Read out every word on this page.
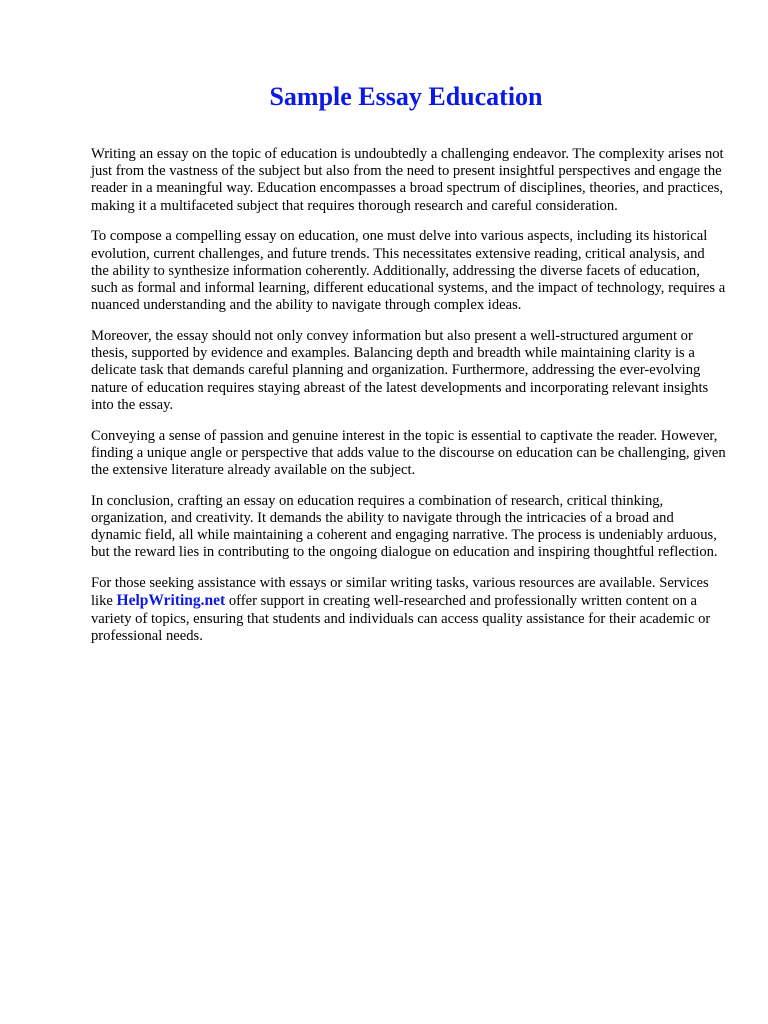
Sample Essay Education

Writing an essay on the topic of education is undoubtedly a challenging endeavor. The complexity arises not just from the vastness of the subject but also from the need to present insightful perspectives and engage the reader in a meaningful way. Education encompasses a broad spectrum of disciplines, theories, and practices, making it a multifaceted subject that requires thorough research and careful consideration.

To compose a compelling essay on education, one must delve into various aspects, including its historical evolution, current challenges, and future trends. This necessitates extensive reading, critical analysis, and the ability to synthesize information coherently. Additionally, addressing the diverse facets of education, such as formal and informal learning, different educational systems, and the impact of technology, requires a nuanced understanding and the ability to navigate through complex ideas.

Moreover, the essay should not only convey information but also present a well-structured argument or thesis, supported by evidence and examples. Balancing depth and breadth while maintaining clarity is a delicate task that demands careful planning and organization. Furthermore, addressing the ever-evolving nature of education requires staying abreast of the latest developments and incorporating relevant insights into the essay.

Conveying a sense of passion and genuine interest in the topic is essential to captivate the reader. However, finding a unique angle or perspective that adds value to the discourse on education can be challenging, given the extensive literature already available on the subject.

In conclusion, crafting an essay on education requires a combination of research, critical thinking, organization, and creativity. It demands the ability to navigate through the intricacies of a broad and dynamic field, all while maintaining a coherent and engaging narrative. The process is undeniably arduous, but the reward lies in contributing to the ongoing dialogue on education and inspiring thoughtful reflection.

For those seeking assistance with essays or similar writing tasks, various resources are available. Services like HelpWriting.net offer support in creating well-researched and professionally written content on a variety of topics, ensuring that students and individuals can access quality assistance for their academic or professional needs.
